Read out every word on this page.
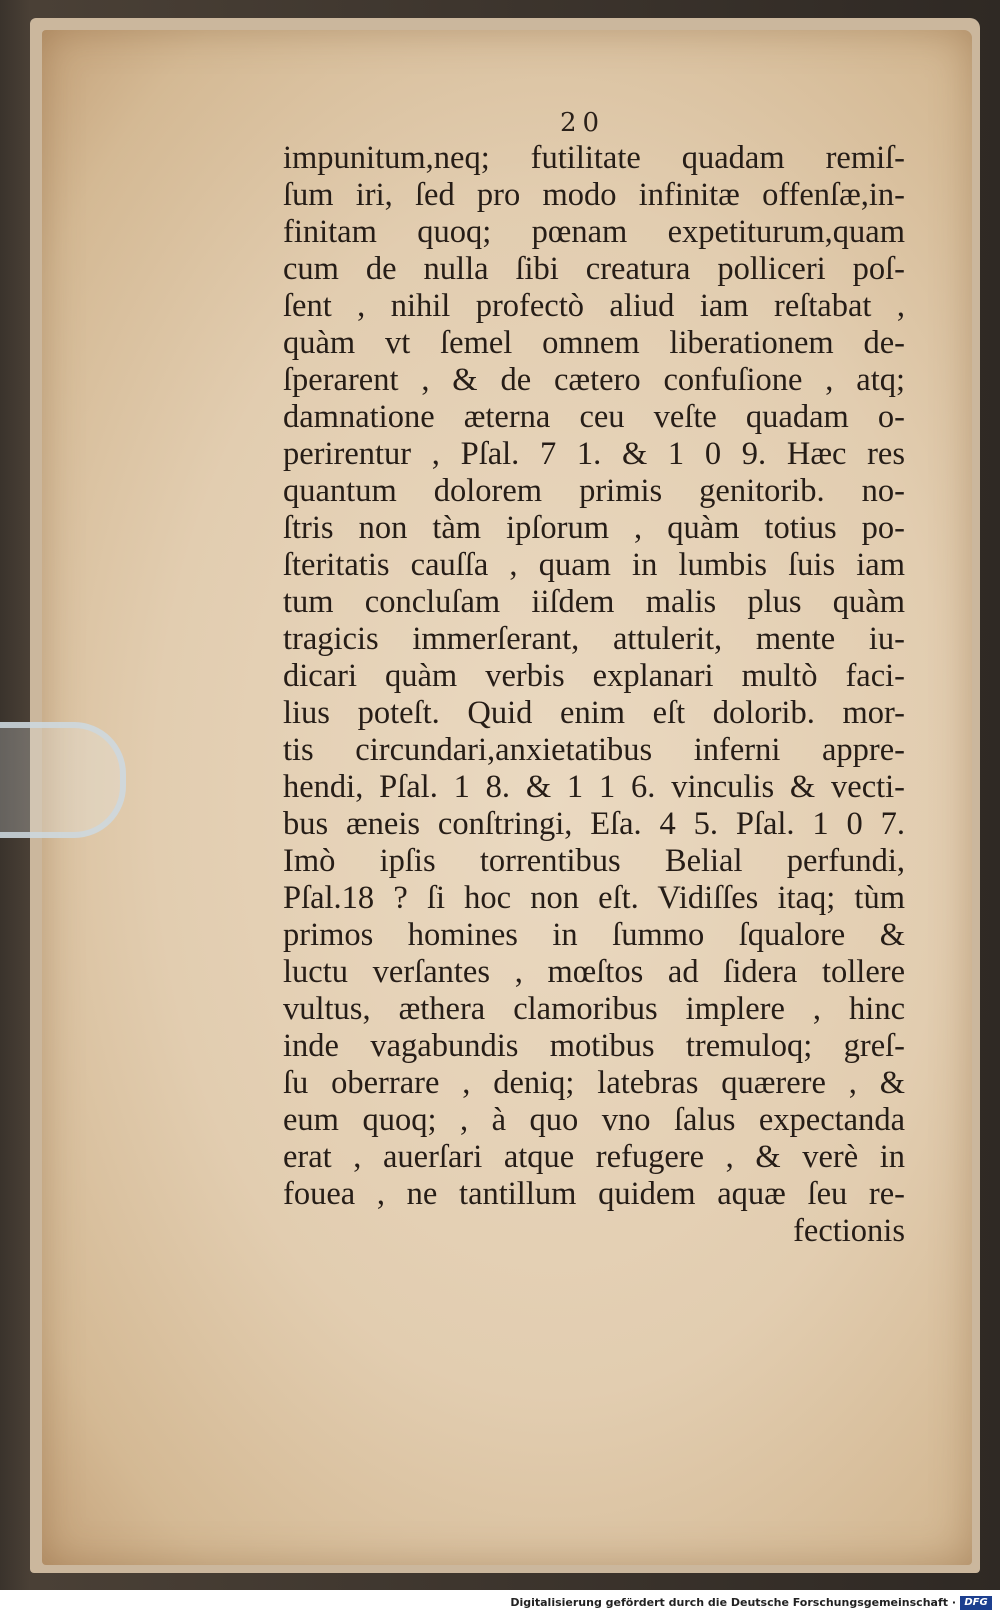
20
impunitum,neq; futilitate quadam remiſ-
ſum iri, ſed pro modo infinitæ offenſæ,in-
finitam quoq; pœnam expetiturum,quam
cum de nulla ſibi creatura polliceri poſ-
ſent , nihil profectò aliud iam reſtabat ,
quàm vt ſemel omnem liberationem de-
ſperarent , & de cætero confuſione , atq;
damnatione æterna ceu veſte quadam o-
perirentur , Pſal. 7 1. & 1 0 9. Hæc res
quantum dolorem primis genitorib. no-
ſtris non tàm ipſorum , quàm totius po-
ſteritatis cauſſa , quam in lumbis ſuis iam
tum concluſam iiſdem malis plus quàm
tragicis immerſerant, attulerit, mente iu-
dicari quàm verbis explanari multò faci-
lius poteſt. Quid enim eſt dolorib. mor-
tis circundari,anxietatibus inferni appre-
hendi, Pſal. 1 8. & 1 1 6. vinculis & vecti-
bus æneis conſtringi, Eſa. 4 5. Pſal. 1 0 7.
Imò ipſis torrentibus Belial perfundi,
Pſal.18 ? ſi hoc non eſt. Vidiſſes itaq; tùm
primos homines in ſummo ſqualore &
luctu verſantes , mœſtos ad ſidera tollere
vultus, æthera clamoribus implere , hinc
inde vagabundis motibus tremuloq; greſ-
ſu oberrare , deniq; latebras quærere , &
eum quoq; , à quo vno ſalus expectanda
erat , auerſari atque refugere , & verè in
fouea , ne tantillum quidem aquæ ſeu re-
fectionis
Digitalisierung gefördert durch die Deutsche Forschungsgemeinschaft · DFG
